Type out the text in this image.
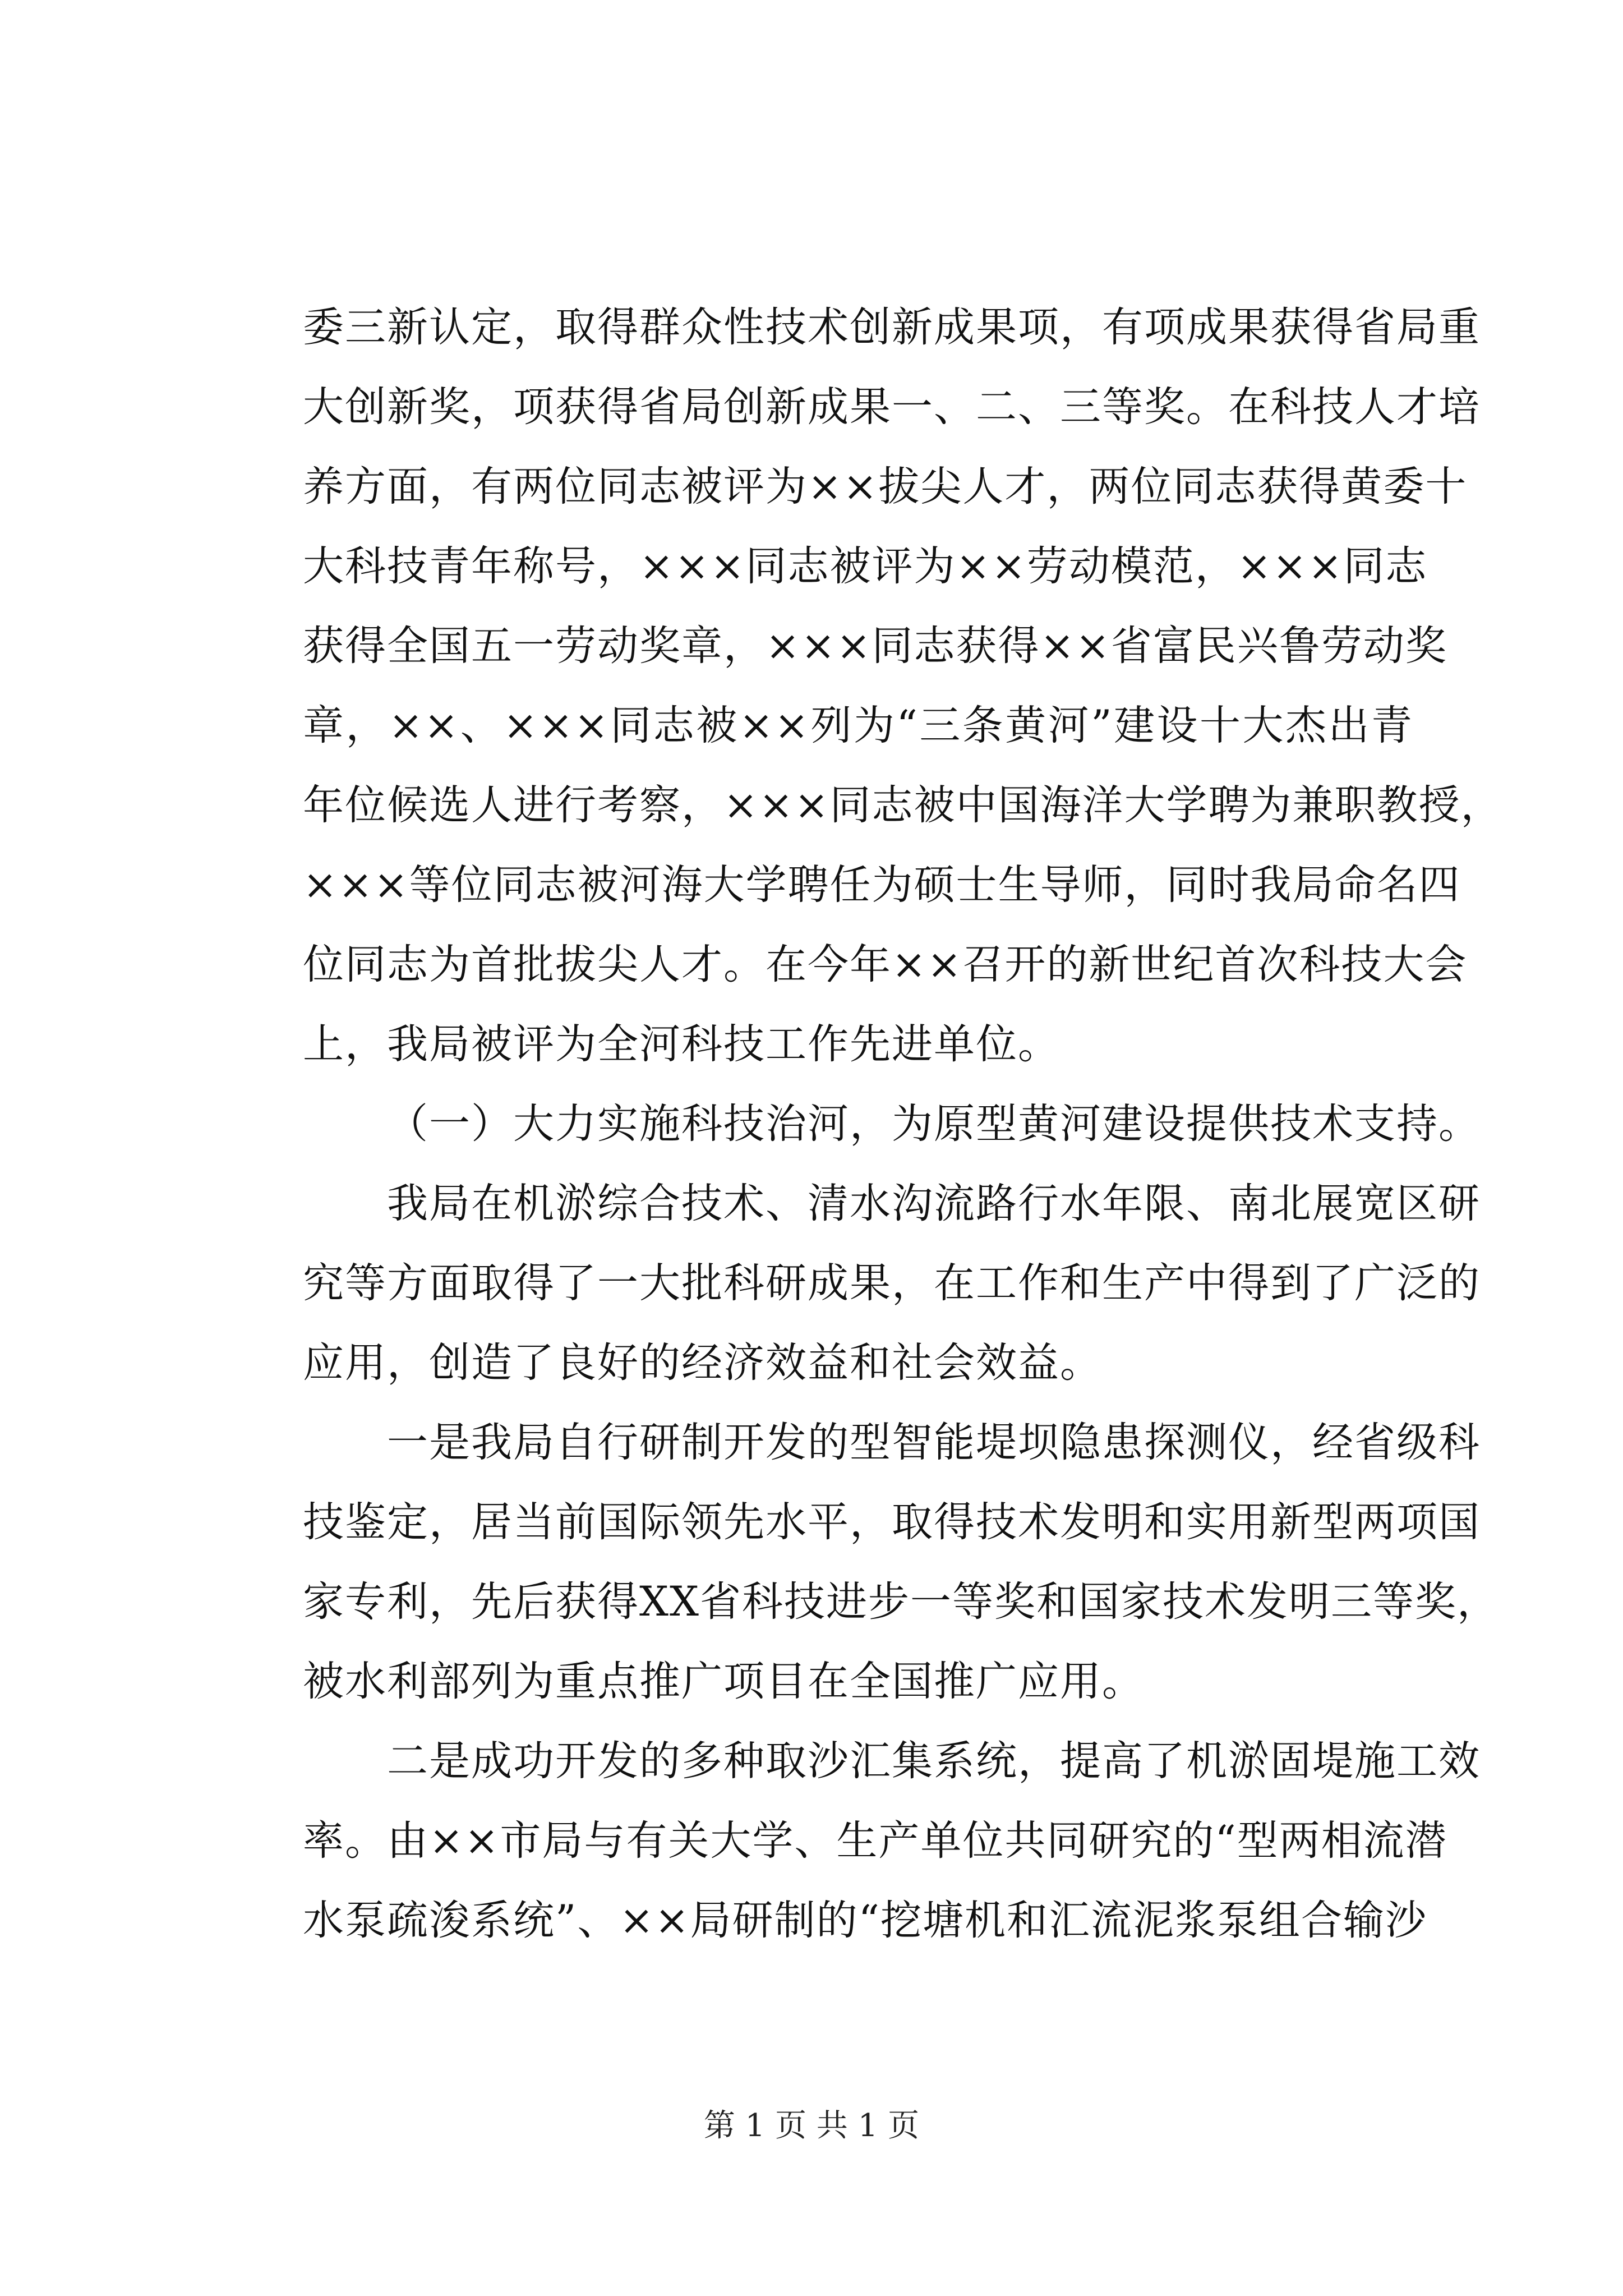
委三新认定，取得群众性技术创新成果项，有项成果获得省局重
大创新奖，项获得省局创新成果一、二、三等奖。在科技人才培
养方面，有两位同志被评为××拔尖人才，两位同志获得黄委十
大科技青年称号，×××同志被评为××劳动模范，×××同志
获得全国五一劳动奖章，×××同志获得××省富民兴鲁劳动奖
章，××、×××同志被××列为“三条黄河”建设十大杰出青
年位候选人进行考察，×××同志被中国海洋大学聘为兼职教授，
×××等位同志被河海大学聘任为硕士生导师，同时我局命名四
位同志为首批拔尖人才。在今年××召开的新世纪首次科技大会
上，我局被评为全河科技工作先进单位。
（一）大力实施科技治河，为原型黄河建设提供技术支持。
我局在机淤综合技术、清水沟流路行水年限、南北展宽区研
究等方面取得了一大批科研成果，在工作和生产中得到了广泛的
应用，创造了良好的经济效益和社会效益。
一是我局自行研制开发的型智能堤坝隐患探测仪，经省级科
技鉴定，居当前国际领先水平，取得技术发明和实用新型两项国
家专利，先后获得XX省科技进步一等奖和国家技术发明三等奖，
被水利部列为重点推广项目在全国推广应用。
二是成功开发的多种取沙汇集系统，提高了机淤固堤施工效
率。由××市局与有关大学、生产单位共同研究的“型两相流潜
水泵疏浚系统”、××局研制的“挖塘机和汇流泥浆泵组合输沙
第 1 页 共 1 页
